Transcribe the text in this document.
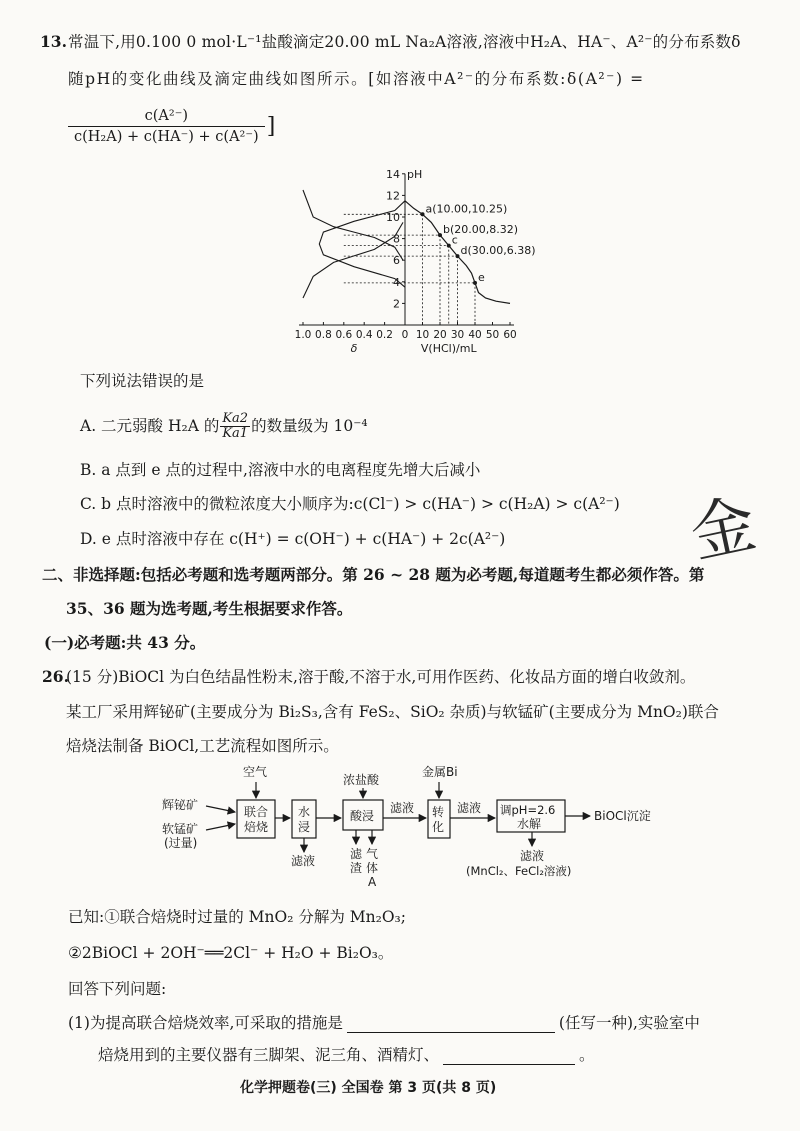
13. 常温下,用0.100 0 mol·L⁻¹盐酸滴定20.00 mL Na₂A溶液,溶液中H₂A、HA⁻、A²⁻的分布系数δ
随pH的变化曲线及滴定曲线如图所示。[如溶液中A²⁻的分布系数:δ(A²⁻) =
$\frac{\text{c(A²⁻)}}{\text{c(H₂A) + c(HA⁻) + c(A²⁻)}}$ ]
2
4
6
8
10
12
14 pH
0 10 20 30 40 50 60
1.0 0.8 0.6 0.4 0.2
δ	V(HCl)/mL
a(10.00,10.25)
b(20.00,8.32)
c
d(30.00,6.38)
e
下列说法错误的是
A. 二元弱酸 H₂A 的 $\frac{Ka2}{Ka1}$ 的数量级为 10⁻⁴
B. a 点到 e 点的过程中,溶液中水的电离程度先增大后减小
C. b 点时溶液中的微粒浓度大小顺序为:c(Cl⁻) > c(HA⁻) > c(H₂A) > c(A²⁻)
D. e 点时溶液中存在 c(H⁺) = c(OH⁻) + c(HA⁻) + 2c(A²⁻)	金
二、非选择题:包括必考题和选考题两部分。第 26 ~ 28 题为必考题,每道题考生都必须作答。第
35、36 题为选考题,考生根据要求作答。
(一)必考题:共 43 分。
26.
(15 分)BiOCl 为白色结晶性粉末,溶于酸,不溶于水,可用作医药、化妆品方面的增白收敛剂。
某工厂采用辉铋矿(主要成分为 Bi₂S₃,含有 FeS₂、SiO₂ 杂质)与软锰矿(主要成分为 MnO₂)联合
焙烧法制备 BiOCl,工艺流程如图所示。
辉铋矿
软锰矿
(过量)
空气
联合
焙烧
水
浸
滤液
浓盐酸
酸浸
滤
渣
气
体
A
滤液
金属Bi
转
化
滤液 调pH=2.6
水解
滤液
(MnCl₂、FeCl₂溶液)
BiOCl沉淀
已知:①联合焙烧时过量的 MnO₂ 分解为 Mn₂O₃;
②2BiOCl + 2OH⁻══2Cl⁻ + H₂O + Bi₂O₃。
回答下列问题:
(1)为提高联合焙烧效率,可采取的措施是	(任写一种),实验室中
焙烧用到的主要仪器有三脚架、泥三角、酒精灯、	。
化学押题卷(三) 全国卷 第 3 页(共 8 页)
